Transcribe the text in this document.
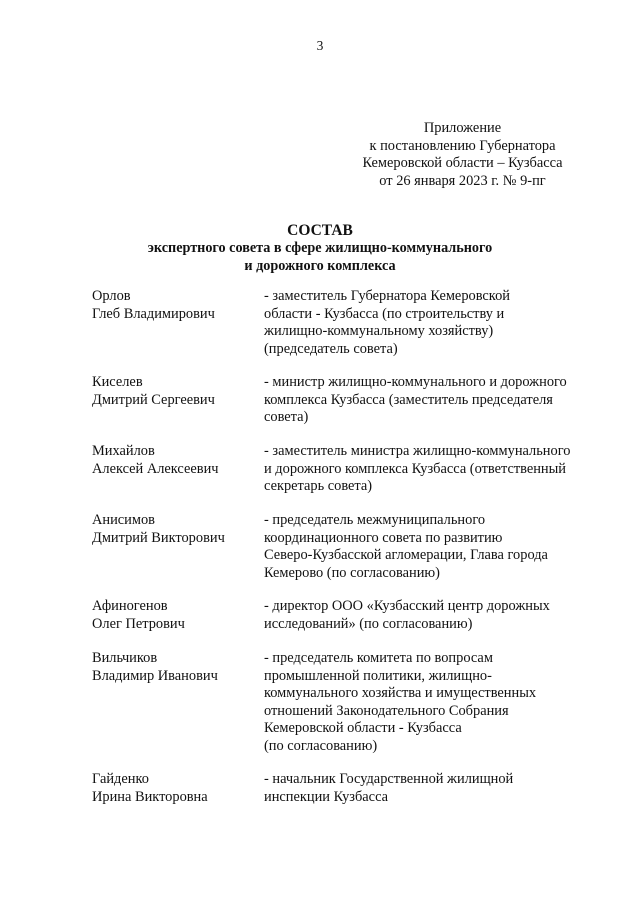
3
Приложение
к постановлению Губернатора
Кемеровской области – Кузбасса
от 26 января 2023 г. № 9-пг
СОСТАВ
экспертного совета в сфере жилищно-коммунального
и дорожного комплекса
Орлов
Глеб Владимирович
- заместитель Губернатора Кемеровской
области - Кузбасса (по строительству и
жилищно-коммунальному хозяйству)
(председатель совета)
Киселев
Дмитрий Сергеевич
- министр жилищно-коммунального и дорожного
комплекса Кузбасса (заместитель председателя
совета)
Михайлов
Алексей Алексеевич
- заместитель министра жилищно-коммунального
и дорожного комплекса Кузбасса (ответственный
секретарь совета)
Анисимов
Дмитрий Викторович
- председатель межмуниципального
координационного совета по развитию
Северо-Кузбасской агломерации, Глава города
Кемерово (по согласованию)
Афиногенов
Олег Петрович
- директор ООО «Кузбасский центр дорожных
исследований» (по согласованию)
Вильчиков
Владимир Иванович
- председатель комитета по вопросам
промышленной политики, жилищно-
коммунального хозяйства и имущественных
отношений Законодательного Собрания
Кемеровской области - Кузбасса
(по согласованию)
Гайденко
Ирина Викторовна
- начальник Государственной жилищной
инспекции Кузбасса
